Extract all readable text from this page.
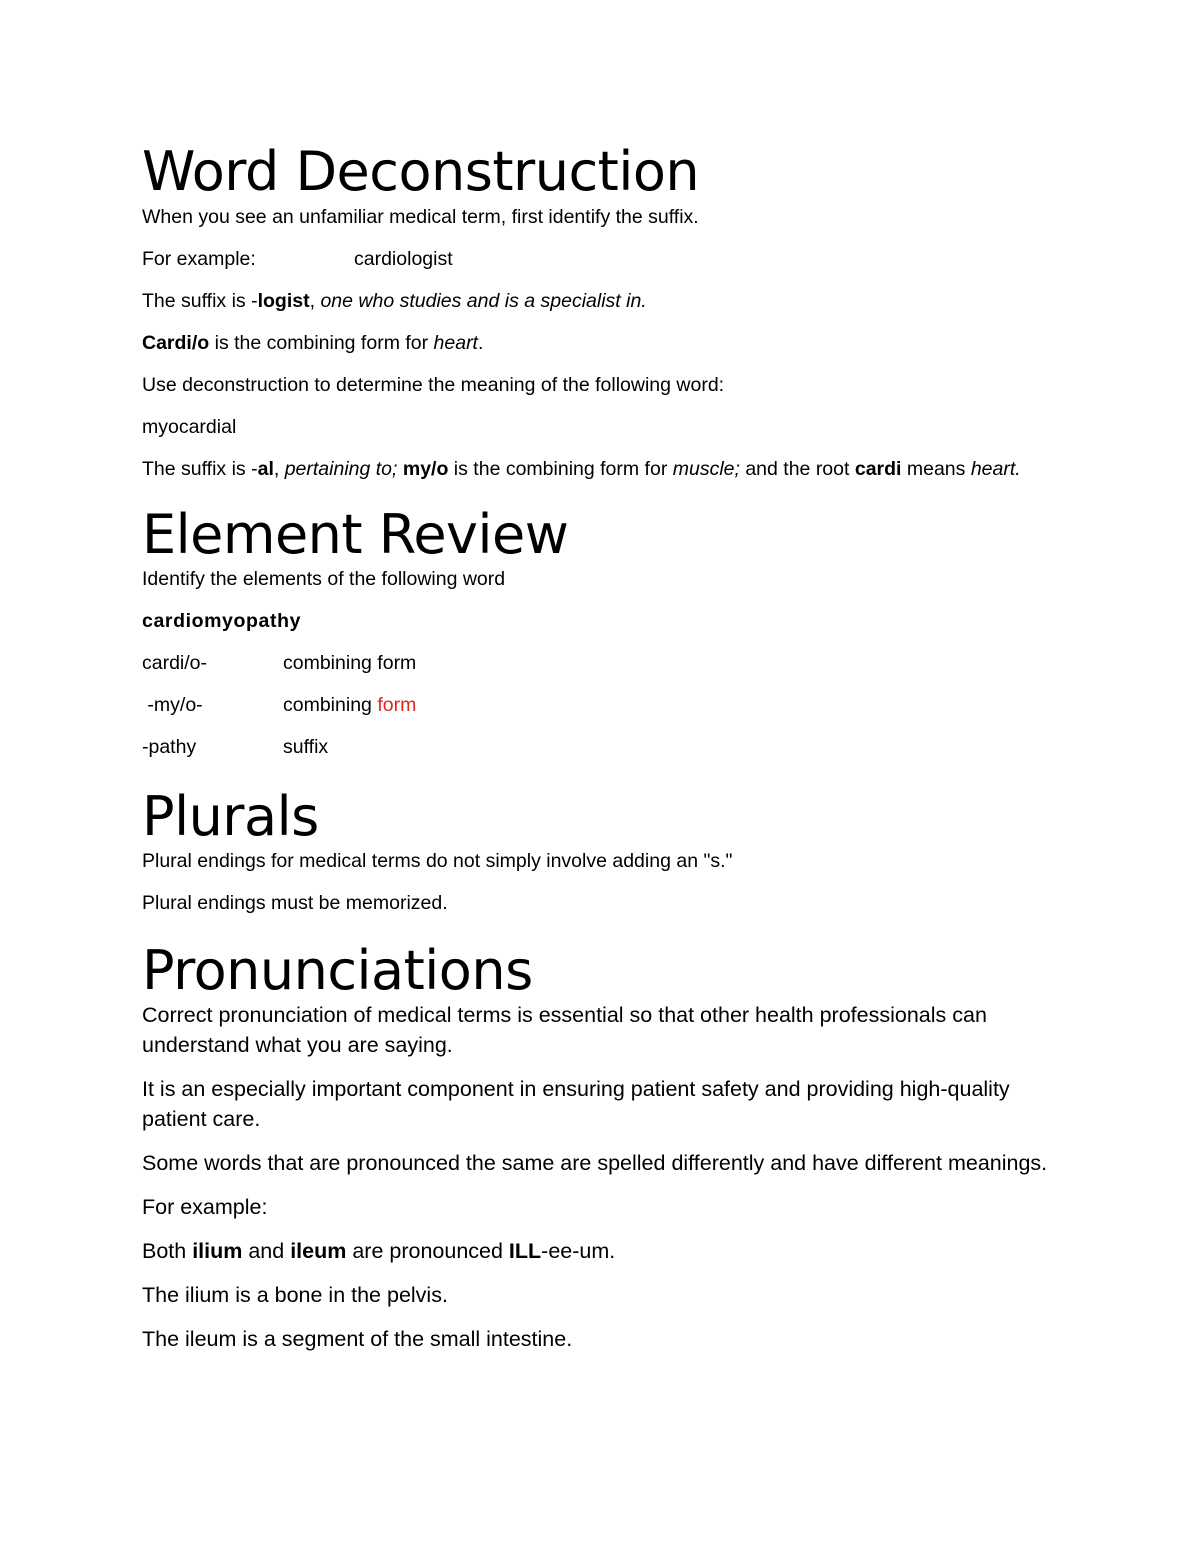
Word Deconstruction

When you see an unfamiliar medical term, first identify the suffix.

For example:	cardiologist

The suffix is -logist, one who studies and is a specialist in.

Cardi/o is the combining form for heart.

Use deconstruction to determine the meaning of the following word:

myocardial

The suffix is -al, pertaining to; my/o is the combining form for muscle; and the root cardi means heart.

Element Review

Identify the elements of the following word

cardiomyopathy

cardi/o-	combining form

-my/o-	combining form

-pathy	suffix

Plurals

Plural endings for medical terms do not simply involve adding an "s."

Plural endings must be memorized.

Pronunciations

Correct pronunciation of medical terms is essential so that other health professionals can understand what you are saying.

It is an especially important component in ensuring patient safety and providing high-quality patient care.

Some words that are pronounced the same are spelled differently and have different meanings.

For example:

Both ilium and ileum are pronounced ILL-ee-um.

The ilium is a bone in the pelvis.

The ileum is a segment of the small intestine.
